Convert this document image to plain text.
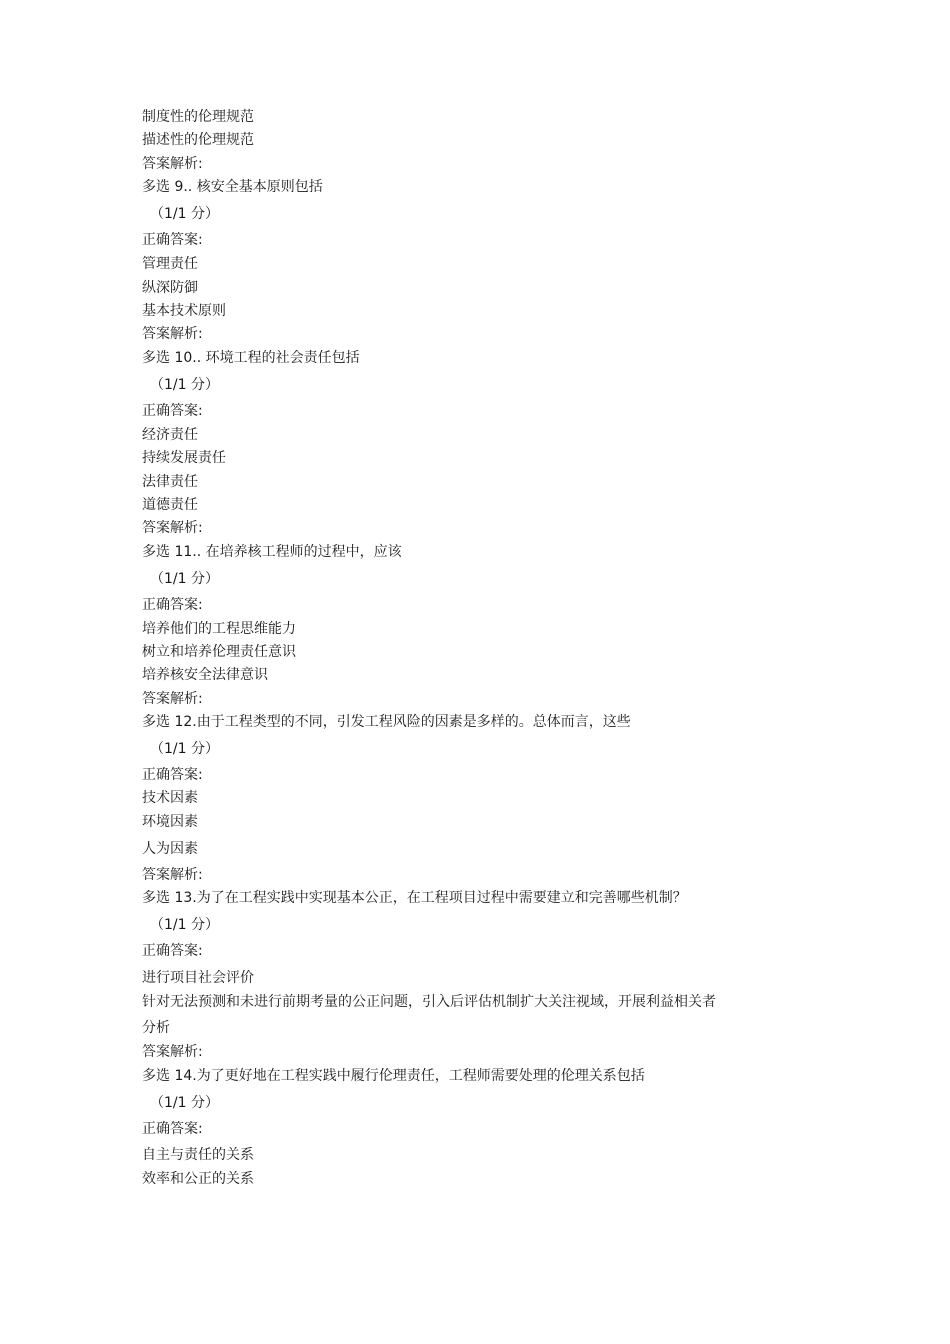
制度性的伦理规范
描述性的伦理规范
答案解析:
多选 9.. 核安全基本原则包括
（1/1 分）
正确答案:
管理责任
纵深防御
基本技术原则
答案解析:
多选 10.. 环境工程的社会责任包括
（1/1 分）
正确答案:
经济责任
持续发展责任
法律责任
道德责任
答案解析:
多选 11.. 在培养核工程师的过程中，应该
（1/1 分）
正确答案:
培养他们的工程思维能力
树立和培养伦理责任意识
培养核安全法律意识
答案解析:
多选 12.由于工程类型的不同，引发工程风险的因素是多样的。总体而言，这些
（1/1 分）
正确答案:
技术因素
环境因素
人为因素
答案解析:
多选 13.为了在工程实践中实现基本公正，在工程项目过程中需要建立和完善哪些机制？
（1/1 分）
正确答案:
进行项目社会评价
针对无法预测和未进行前期考量的公正问题，引入后评估机制扩大关注视域，开展利益相关者
分析
答案解析:
多选 14.为了更好地在工程实践中履行伦理责任，工程师需要处理的伦理关系包括
（1/1 分）
正确答案:
自主与责任的关系
效率和公正的关系
